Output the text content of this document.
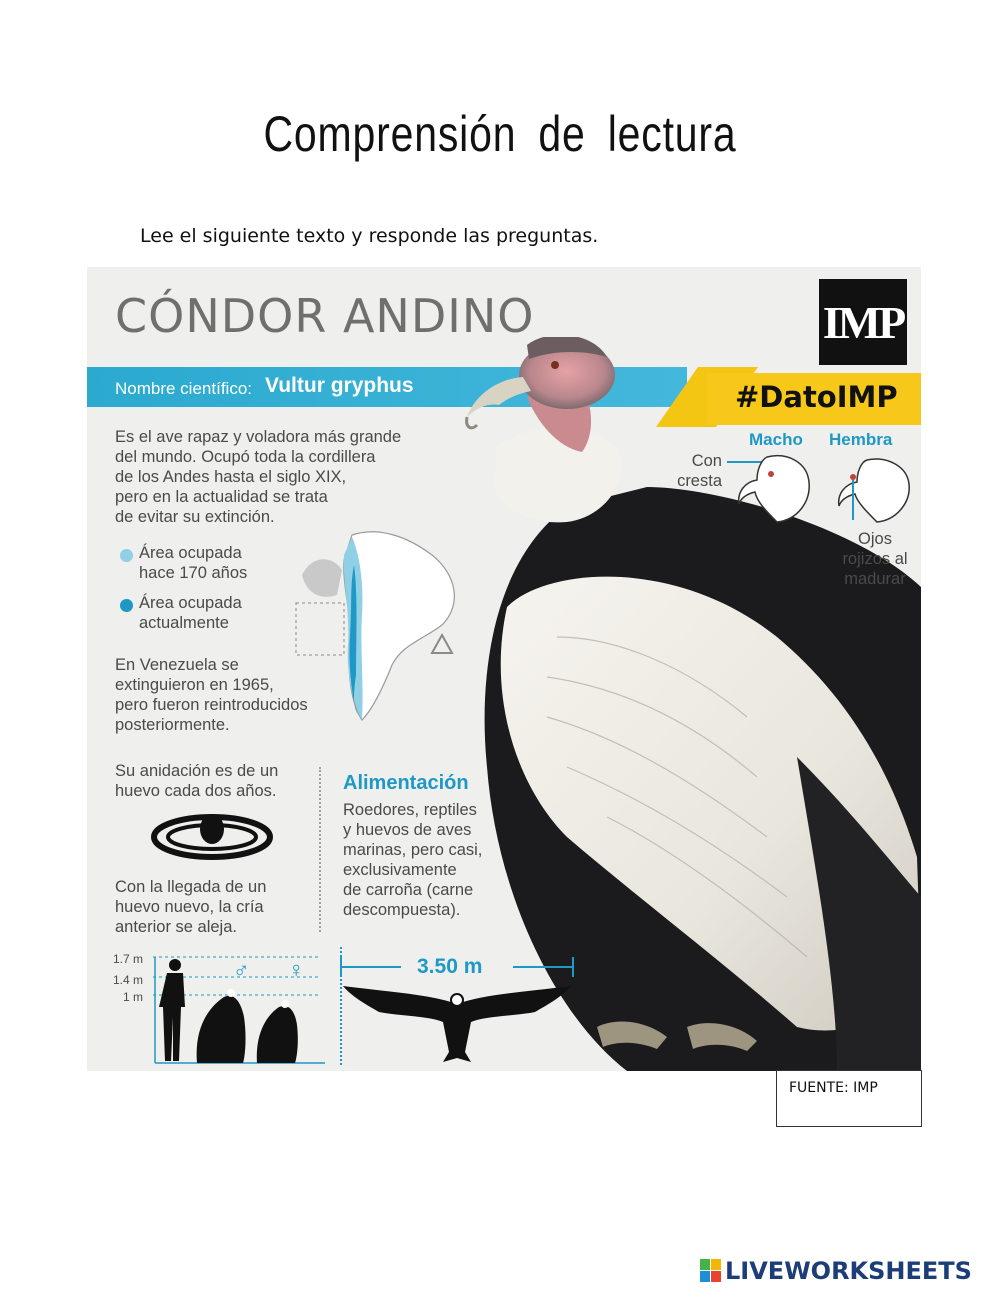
Comprensión de lectura
Lee el siguiente texto y responde las preguntas.
CÓNDOR ANDINO	IMP
Nombre científico: Vultur gryphus	#DatoIMP
Es el ave rapaz y voladora más grande
del mundo. Ocupó toda la cordillera
de los Andes hasta el siglo XIX,
pero en la actualidad se trata
de evitar su extinción.
Área ocupada
hace 170 años
Área ocupada
actualmente
En Venezuela se
extinguieron en 1965,
pero fueron reintroducidos
posteriormente.
Su anidación es de un
huevo cada dos años.
Con la llegada de un
huevo nuevo, la cría
anterior se aleja.
Alimentación
Roedores, reptiles
y huevos de aves
marinas, pero casi,
exclusivamente
de carroña (carne
descompuesta).
Macho Hembra
Con
cresta
Ojos
rojizos al
madurar
1.7 m
1.4 m
1 m
♂ ♀	3.50 m
FUENTE: IMP
LIVEWORKSHEETS
